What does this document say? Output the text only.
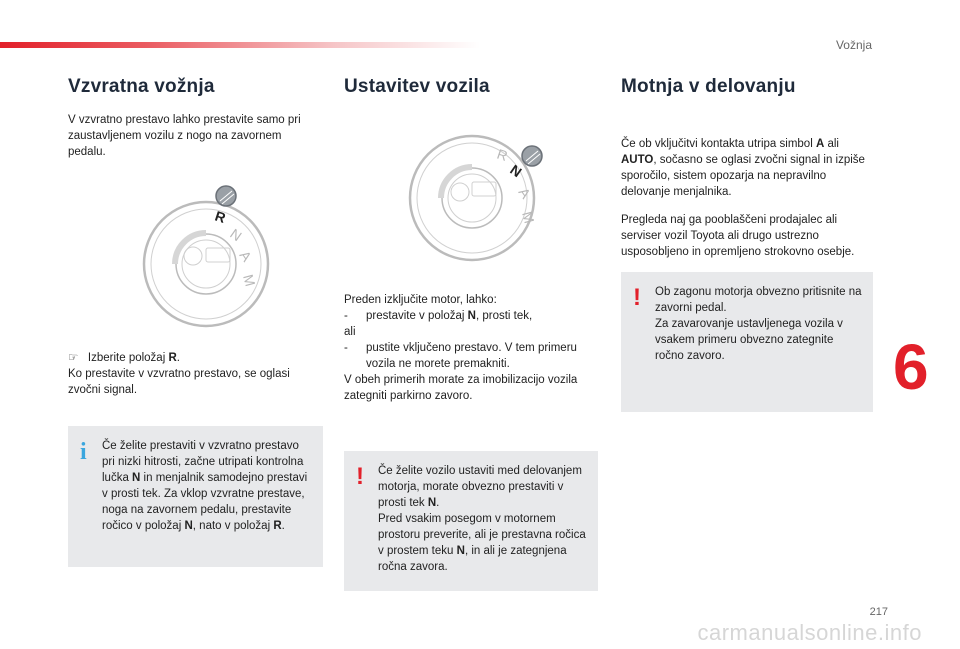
Vožnja
Vzvratna vožnja

V vzvratno prestavo lahko prestavite samo pri zaustavljenem vozilu z nogo na zavornem pedalu.

R
N
A
M
☞ Izberite položaj R.
Ko prestavite v vzvratno prestavo, se oglasi zvočni signal.
i Če želite prestaviti v vzvratno prestavo pri nizki hitrosti, začne utripati kontrolna lučka N in menjalnik samodejno prestavi v prosti tek. Za vklop vzvratne prestave, noga na zavornem pedalu, prestavite ročico v položaj N, nato v položaj R.

Ustavitev vozila
R
N
A
M
Preden izključite motor, lahko:
-	prestavite v položaj N, prosti tek,
ali
-	pustite vključeno prestavo. V tem primeru vozila ne morete premakniti.
V obeh primerih morate za imobilizacijo vozila zategniti parkirno zavoro.
! Če želite vozilo ustaviti med delovanjem motorja, morate obvezno prestaviti v prosti tek N.

Pred vsakim posegom v motornem prostoru preverite, ali je prestavna ročica v prostem teku N, in ali je zategnjena ročna zavora.

Motnja v delovanju

Če ob vključitvi kontakta utripa simbol A ali AUTO, sočasno se oglasi zvočni signal in izpiše sporočilo, sistem opozarja na nepravilno delovanje menjalnika.

Pregleda naj ga pooblaščeni prodajalec ali serviser vozil Toyota ali drugo ustrezno usposobljeno in opremljeno strokovno osebje.

! Ob zagonu motorja obvezno pritisnite na zavorni pedal.

Za zavarovanje ustavljenega vozila v vsakem primeru obvezno zategnite ročno zavoro.	6
217
carmanualsonline.info
